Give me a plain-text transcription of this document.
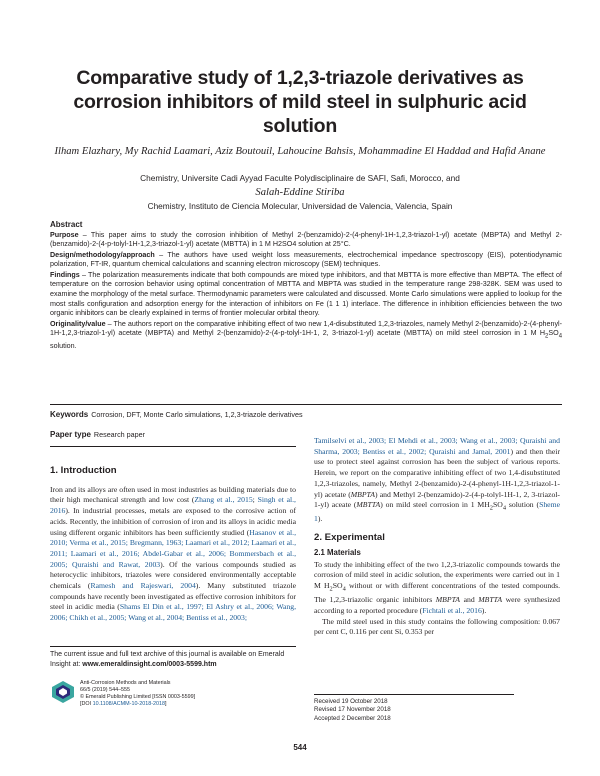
Comparative study of 1,2,3-triazole derivatives as corrosion inhibitors of mild steel in sulphuric acid solution
Ilham Elazhary, My Rachid Laamari, Aziz Boutouil, Lahoucine Bahsis, Mohammadine El Haddad and Hafid Anane
Chemistry, Universite Cadi Ayyad Faculte Polydisciplinaire de SAFI, Safi, Morocco, and
Salah-Eddine Stiriba
Chemistry, Instituto de Ciencia Molecular, Universidad de Valencia, Valencia, Spain
Abstract

Purpose – This paper aims to study the corrosion inhibition of Methyl 2-(benzamido)-2-(4-phenyl-1H-1,2,3-triazol-1-yl) acetate (MBPTA) and Methyl 2-(benzamido)-2-(4-p-tolyl-1H-1,2,3-triazol-1-yl) acetate (MBTTA) in 1 M H2SO4 solution at 25°C.

Design/methodology/approach – The authors have used weight loss measurements, electrochemical impedance spectroscopy (EIS), potentiodynamic polarization, FT-IR, quantum chemical calculations and scanning electron microscopy (SEM) techniques.

Findings – The polarization measurements indicate that both compounds are mixed type inhibitors, and that MBTTA is more effective than MBPTA. The effect of temperature on the corrosion behavior using optimal concentration of MBTTA and MBPTA was studied in the temperature range 298-328K. SEM was used to examine the morphology of the metal surface. Thermodynamic parameters were calculated and discussed. Monte Carlo simulations were applied to lookup for the most stalls configuration and adsorption energy for the interaction of inhibitors on Fe (1 1 1) interlace. The difference in inhibition efficiencies between the two organic inhibitors can be clearly explained in terms of frontier molecular orbital theory.

Originality/value – The authors report on the comparative inhibiting effect of two new 1,4-disubstituted 1,2,3-triazoles, namely Methyl 2-(benzamido)-2-(4-phenyl-1H-1,2,3-triazol-1-yl) acetate (MBPTA) and Methyl 2-(benzamido)-2-(4-p-tolyl-1H-1, 2, 3-triazol-1-yl) acetate (MBTTA) on mild steel corrosion in 1 M $H_2SO_4$ solution.

Keywords Corrosion, DFT, Monte Carlo simulations, 1,2,3-triazole derivatives
Paper type Research paper
1. Introduction

Iron and its alloys are often used in most industries as building materials due to their high mechanical strength and low cost (Zhang et al., 2015; Singh et al., 2016). In industrial processes, metals are exposed to the corrosive action of acids. Recently, the inhibition of corrosion of iron and its alloys in acidic media using different organic inhibitors has been sufficiently studied (Hasanov et al., 2010; Verma et al., 2015; Bregmann, 1963; Laamari et al., 2012; Laamari et al., 2011; Laamari et al., 2016; Abdel-Gabar et al., 2006; Bommersbach et al., 2005; Quraishi and Rawat, 2003). Of the various compounds studied as heterocyclic inhibitors, triazoles were considered environmentally acceptable chemicals (Ramesh and Rajeswari, 2004). Many substituted triazole compounds have recently been investigated as effective corrosion inhibitors for steel in acidic media (Shams El Din et al., 1997; El Ashry et al., 2006; Wang, 2006; Chikh et al., 2005; Wang et al., 2004; Bentiss et al., 2003;

Tamilselvi et al., 2003; El Mehdi et al., 2003; Wang et al., 2003; Quraishi and Sharma, 2003; Bentiss et al., 2002; Quraishi and Jamal, 2001) and then their use to protect steel against corrosion has been the subject of various reports. Herein, we report on the comparative inhibiting effect of two 1,4-disubstituted 1,2,3-triazoles, namely, Methyl 2-(benzamido)-2-(4-phenyl-1H-1,2,3-triazol-1-yl) acetate (MBPTA) and Methyl 2-(benzamido)-2-(4-p-tolyl-1H-1, 2, 3-triazol-1-yl) aceate (MBTTA) on mild steel corrosion in 1 $MH_2SO_4$ solution (Sheme 1).

2. Experimental
2.1 Materials

To study the inhibiting effect of the two 1,2,3-triazolic compounds towards the corrosion of mild steel in acidic solution, the experiments were carried out in 1 M $H_2SO_4$ without or with different concentrations of the tested compounds. The 1,2,3-triazolic organic inhibitors MBPTA and MBTTA were synthesized according to a reported procedure (Fichtali et al., 2016).

The mild steel used in this study contains the following composition: 0.067 per cent C, 0.116 per cent Si, 0.353 per

The current issue and full text archive of this journal is available on Emerald Insight at: www.emeraldinsight.com/0003-5599.htm
Anti-Corrosion Methods and Materials
66/5 (2019) 544–555
© Emerald Publishing Limited [ISSN 0003-5599]
[DOI 10.1108/ACMM-10-2018-2018]	Received 19 October 2018
Revised 17 November 2018
Accepted 2 December 2018
544
